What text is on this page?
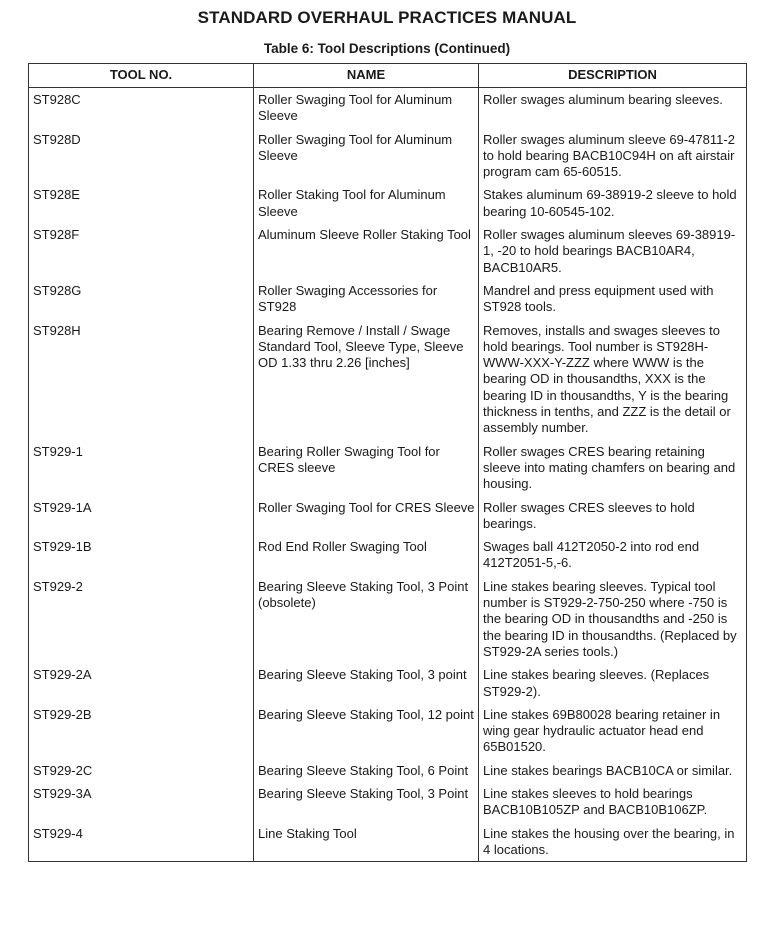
STANDARD OVERHAUL PRACTICES MANUAL
Table 6: Tool Descriptions (Continued)
TOOL NO.	NAME	DESCRIPTION
ST928C	Roller Swaging Tool for Aluminum Sleeve	Roller swages aluminum bearing sleeves.
ST928D	Roller Swaging Tool for Aluminum Sleeve	Roller swages aluminum sleeve 69-47811-2 to hold bearing BACB10C94H on aft airstair program cam 65-60515.
ST928E	Roller Staking Tool for Aluminum Sleeve	Stakes aluminum 69-38919-2 sleeve to hold bearing 10-60545-102.
ST928F	Aluminum Sleeve Roller Staking Tool	Roller swages aluminum sleeves 69-38919-1, -20 to hold bearings BACB10AR4, BACB10AR5.
ST928G	Roller Swaging Accessories for ST928	Mandrel and press equipment used with ST928 tools.
ST928H	Bearing Remove / Install / Swage Standard Tool, Sleeve Type, Sleeve OD 1.33 thru 2.26 [inches]	Removes, installs and swages sleeves to hold bearings. Tool number is ST928H-WWW-XXX-Y-ZZZ where WWW is the bearing OD in thousandths, XXX is the bearing ID in thousandths, Y is the bearing thickness in tenths, and ZZZ is the detail or assembly number.
ST929-1	Bearing Roller Swaging Tool for CRES sleeve	Roller swages CRES bearing retaining sleeve into mating chamfers on bearing and housing.
ST929-1A	Roller Swaging Tool for CRES Sleeve	Roller swages CRES sleeves to hold bearings.
ST929-1B	Rod End Roller Swaging Tool	Swages ball 412T2050-2 into rod end 412T2051-5,-6.
ST929-2	Bearing Sleeve Staking Tool, 3 Point (obsolete)	Line stakes bearing sleeves. Typical tool number is ST929-2-750-250 where -750 is the bearing OD in thousandths and -250 is the bearing ID in thousandths. (Replaced by ST929-2A series tools.)
ST929-2A	Bearing Sleeve Staking Tool, 3 point	Line stakes bearing sleeves. (Replaces ST929-2).
ST929-2B	Bearing Sleeve Staking Tool, 12 point	Line stakes 69B80028 bearing retainer in wing gear hydraulic actuator head end 65B01520.
ST929-2C	Bearing Sleeve Staking Tool, 6 Point	Line stakes bearings BACB10CA or similar.
ST929-3A	Bearing Sleeve Staking Tool, 3 Point	Line stakes sleeves to hold bearings BACB10B105ZP and BACB10B106ZP.
ST929-4	Line Staking Tool	Line stakes the housing over the bearing, in 4 locations.
